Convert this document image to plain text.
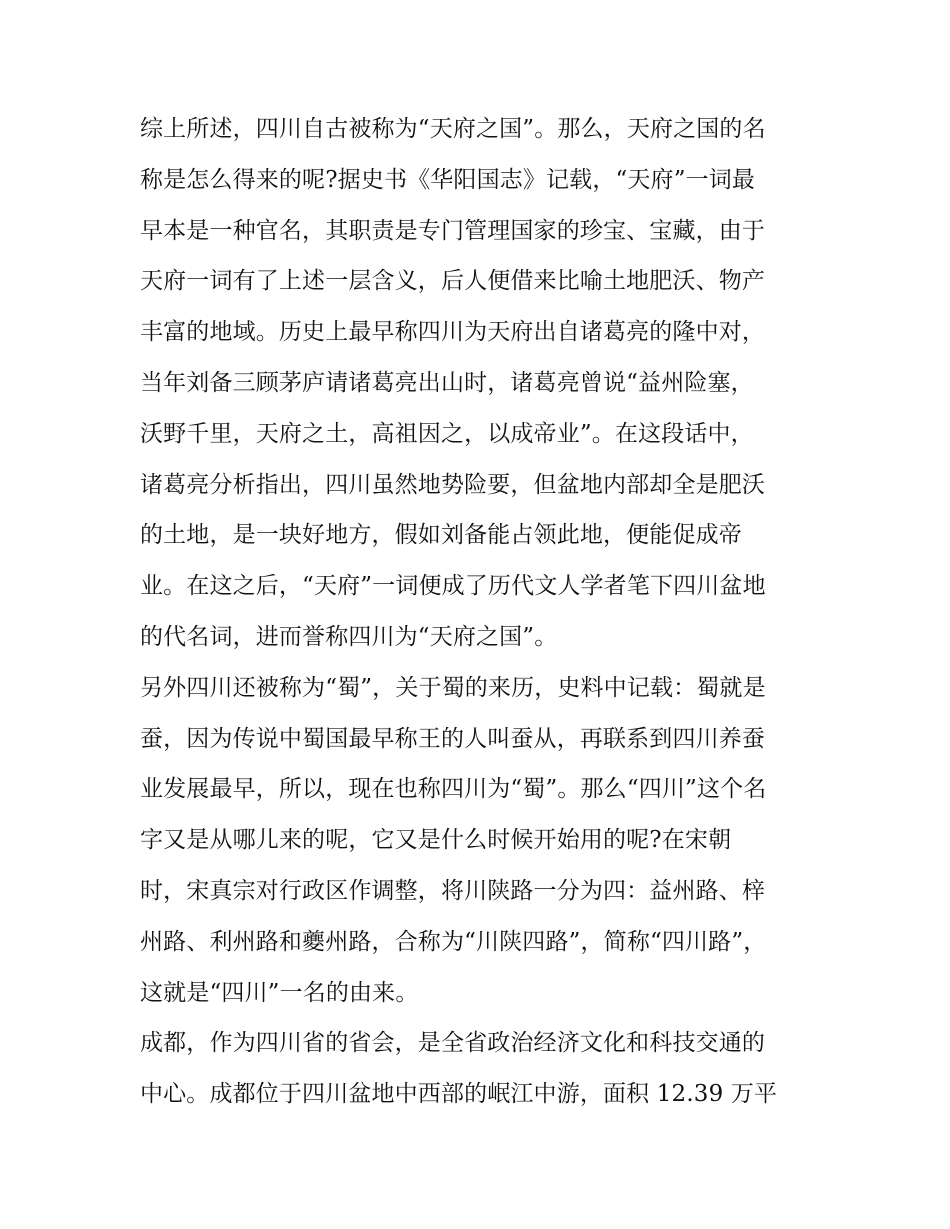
综上所述，四川自古被称为“天府之国”。那么，天府之国的名
称是怎么得来的呢?据史书《华阳国志》记载，“天府”一词最
早本是一种官名，其职责是专门管理国家的珍宝、宝藏，由于
天府一词有了上述一层含义，后人便借来比喻土地肥沃、物产
丰富的地域。历史上最早称四川为天府出自诸葛亮的隆中对，
当年刘备三顾茅庐请诸葛亮出山时，诸葛亮曾说“益州险塞，
沃野千里，天府之土，高祖因之，以成帝业”。在这段话中，
诸葛亮分析指出，四川虽然地势险要，但盆地内部却全是肥沃
的土地，是一块好地方，假如刘备能占领此地，便能促成帝
业。在这之后，“天府”一词便成了历代文人学者笔下四川盆地
的代名词，进而誉称四川为“天府之国”。
另外四川还被称为“蜀”，关于蜀的来历，史料中记载：蜀就是
蚕，因为传说中蜀国最早称王的人叫蚕从，再联系到四川养蚕
业发展最早，所以，现在也称四川为“蜀”。那么“四川”这个名
字又是从哪儿来的呢，它又是什么时候开始用的呢?在宋朝
时，宋真宗对行政区作调整，将川陕路一分为四：益州路、梓
州路、利州路和夔州路，合称为“川陕四路”，简称“四川路”，
这就是“四川”一名的由来。
成都，作为四川省的省会，是全省政治经济文化和科技交通的
中心。成都位于四川盆地中西部的岷江中游，面积 12.39 万平
